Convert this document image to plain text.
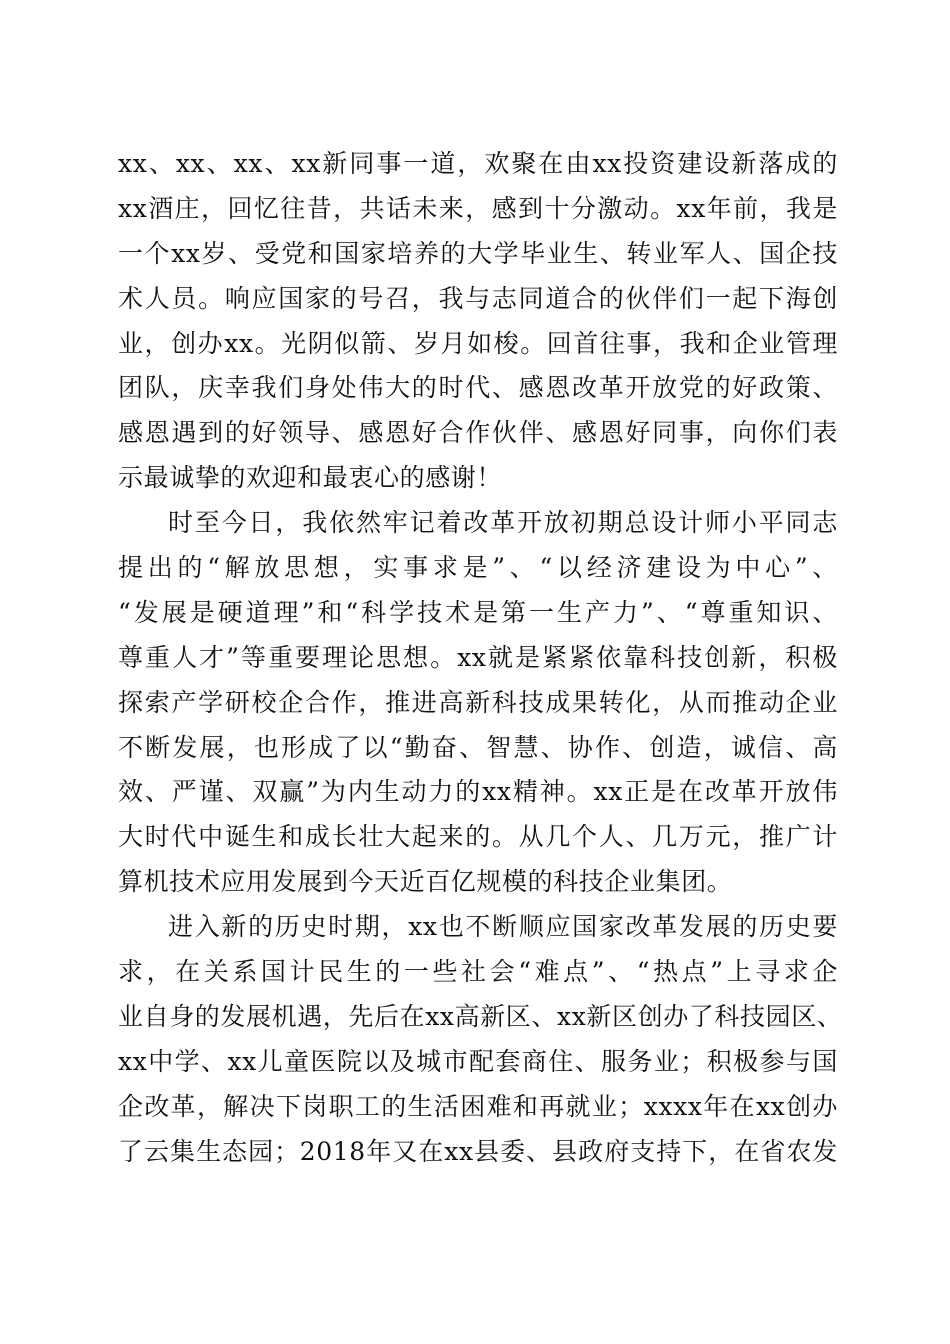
xx、xx、xx、xx新同事一道，欢聚在由xx投资建设新落成的
xx酒庄，回忆往昔，共话未来，感到十分激动。xx年前，我是
一个xx岁、受党和国家培养的大学毕业生、转业军人、国企技
术人员。响应国家的号召，我与志同道合的伙伴们一起下海创
业，创办xx。光阴似箭、岁月如梭。回首往事，我和企业管理
团队，庆幸我们身处伟大的时代、感恩改革开放党的好政策、
感恩遇到的好领导、感恩好合作伙伴、感恩好同事，向你们表
示最诚挚的欢迎和最衷心的感谢！
时至今日，我依然牢记着改革开放初期总设计师小平同志
提出的“解放思想，实事求是”、“以经济建设为中心”、
“发展是硬道理”和“科学技术是第一生产力”、“尊重知识、
尊重人才”等重要理论思想。xx就是紧紧依靠科技创新，积极
探索产学研校企合作，推进高新科技成果转化，从而推动企业
不断发展，也形成了以“勤奋、智慧、协作、创造，诚信、高
效、严谨、双赢”为内生动力的xx精神。xx正是在改革开放伟
大时代中诞生和成长壮大起来的。从几个人、几万元，推广计
算机技术应用发展到今天近百亿规模的科技企业集团。
进入新的历史时期，xx也不断顺应国家改革发展的历史要
求，在关系国计民生的一些社会“难点”、“热点”上寻求企
业自身的发展机遇，先后在xx高新区、xx新区创办了科技园区、
xx中学、xx儿童医院以及城市配套商住、服务业；积极参与国
企改革，解决下岗职工的生活困难和再就业；xxxx年在xx创办
了云集生态园；2018年又在xx县委、县政府支持下，在省农发
